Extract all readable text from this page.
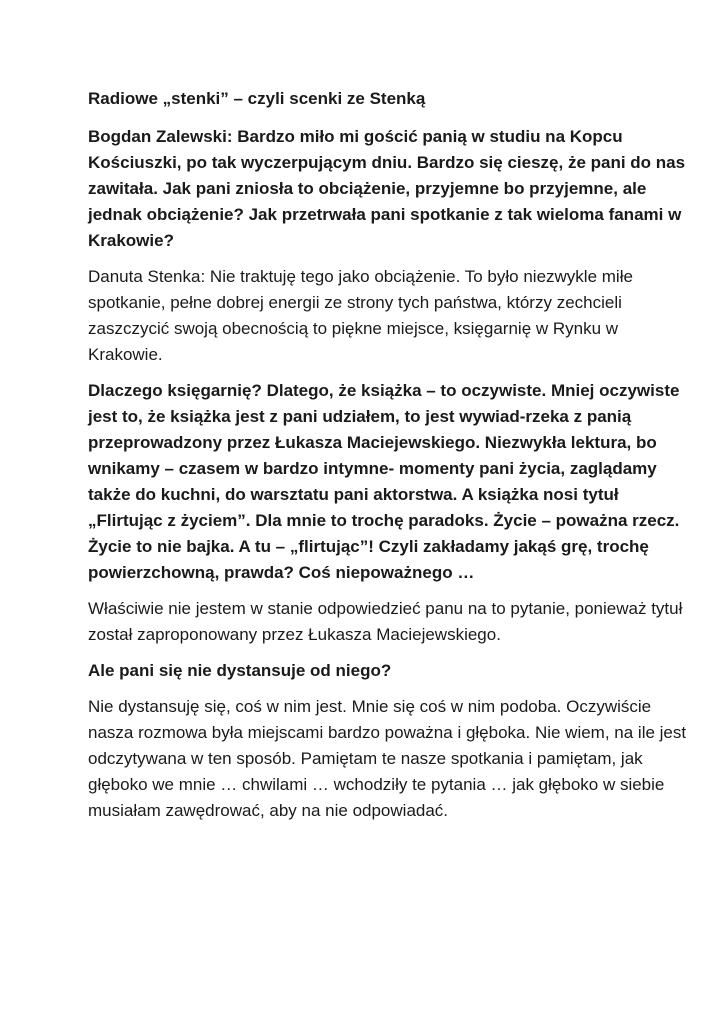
Radiowe „stenki” – czyli scenki ze Stenką

Bogdan Zalewski: Bardzo miło mi gościć panią w studiu na Kopcu Kościuszki, po tak wyczerpującym dniu. Bardzo się cieszę, że pani do nas zawitała. Jak pani zniosła to obciążenie, przyjemne bo przyjemne, ale jednak obciążenie? Jak przetrwała pani spotkanie z tak wieloma fanami w Krakowie?

Danuta Stenka: Nie traktuję tego jako obciążenie. To było niezwykle miłe spotkanie, pełne dobrej energii ze strony tych państwa, którzy zechcieli zaszczycić swoją obecnością to piękne miejsce, księgarnię w Rynku w Krakowie.

Dlaczego księgarnię? Dlatego, że książka – to oczywiste. Mniej oczywiste jest to, że książka jest z pani udziałem, to jest wywiad-rzeka z panią przeprowadzony przez Łukasza Maciejewskiego. Niezwykła lektura, bo wnikamy – czasem w bardzo intymne- momenty pani życia, zaglądamy także do kuchni, do warsztatu pani aktorstwa. A książka nosi tytuł „Flirtując z życiem”. Dla mnie to trochę paradoks. Życie – poważna rzecz. Życie to nie bajka. A tu – „flirtując”! Czyli zakładamy jakąś grę, trochę powierzchowną, prawda? Coś niepoważnego …

Właściwie nie jestem w stanie odpowiedzieć panu na to pytanie, ponieważ tytuł został zaproponowany przez Łukasza Maciejewskiego.

Ale pani się nie dystansuje od niego?

Nie dystansuję się, coś w nim jest. Mnie się coś w nim podoba. Oczywiście nasza rozmowa była miejscami bardzo poważna i głęboka. Nie wiem, na ile jest odczytywana w ten sposób. Pamiętam te nasze spotkania i pamiętam, jak głęboko we mnie … chwilami … wchodziły te pytania … jak głęboko w siebie musiałam zawędrować, aby na nie odpowiadać.
